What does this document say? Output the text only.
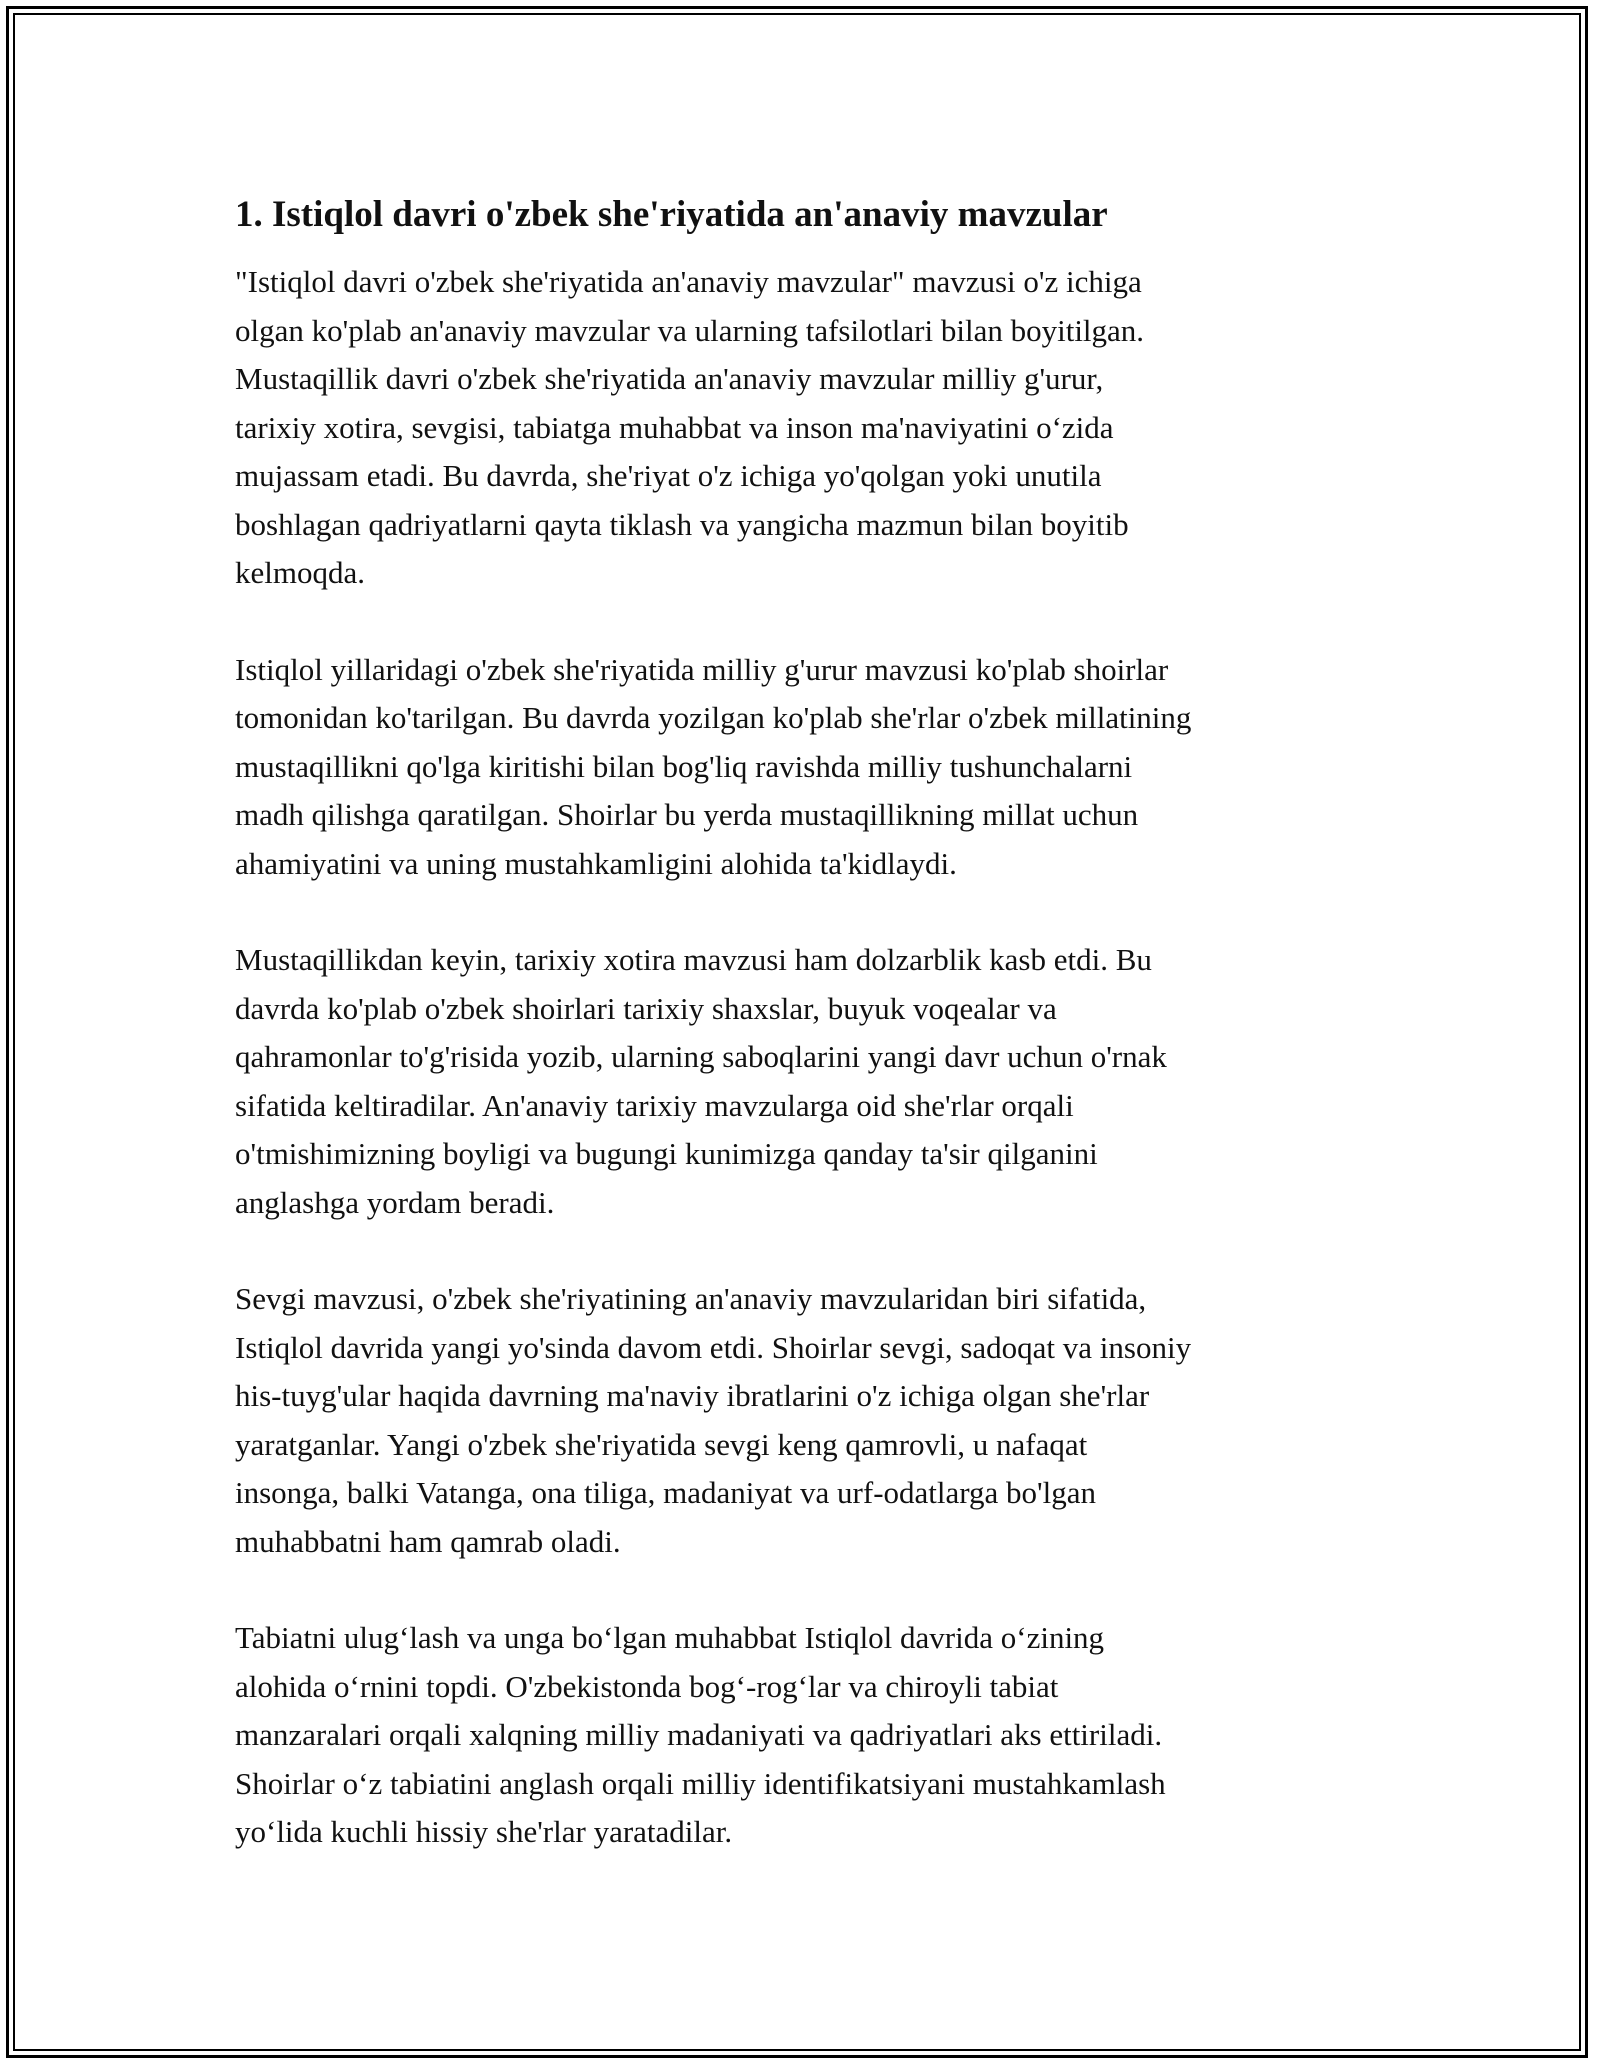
1. Istiqlol davri o'zbek she'riyatida an'anaviy mavzular

"Istiqlol davri o'zbek she'riyatida an'anaviy mavzular" mavzusi o'z ichiga
olgan ko'plab an'anaviy mavzular va ularning tafsilotlari bilan boyitilgan.
Mustaqillik davri o'zbek she'riyatida an'anaviy mavzular milliy g'urur,
tarixiy xotira, sevgisi, tabiatga muhabbat va inson ma'naviyatini o‘zida
mujassam etadi. Bu davrda, she'riyat o'z ichiga yo'qolgan yoki unutila
boshlagan qadriyatlarni qayta tiklash va yangicha mazmun bilan boyitib
kelmoqda.

Istiqlol yillaridagi o'zbek she'riyatida milliy g'urur mavzusi ko'plab shoirlar
tomonidan ko'tarilgan. Bu davrda yozilgan ko'plab she'rlar o'zbek millatining
mustaqillikni qo'lga kiritishi bilan bog'liq ravishda milliy tushunchalarni
madh qilishga qaratilgan. Shoirlar bu yerda mustaqillikning millat uchun
ahamiyatini va uning mustahkamligini alohida ta'kidlaydi.

Mustaqillikdan keyin, tarixiy xotira mavzusi ham dolzarblik kasb etdi. Bu
davrda ko'plab o'zbek shoirlari tarixiy shaxslar, buyuk voqealar va
qahramonlar to'g'risida yozib, ularning saboqlarini yangi davr uchun o'rnak
sifatida keltiradilar. An'anaviy tarixiy mavzularga oid she'rlar orqali
o'tmishimizning boyligi va bugungi kunimizga qanday ta'sir qilganini
anglashga yordam beradi.

Sevgi mavzusi, o'zbek she'riyatining an'anaviy mavzularidan biri sifatida,
Istiqlol davrida yangi yo'sinda davom etdi. Shoirlar sevgi, sadoqat va insoniy
his-tuyg'ular haqida davrning ma'naviy ibratlarini o'z ichiga olgan she'rlar
yaratganlar. Yangi o'zbek she'riyatida sevgi keng qamrovli, u nafaqat
insonga, balki Vatanga, ona tiliga, madaniyat va urf-odatlarga bo'lgan
muhabbatni ham qamrab oladi.

Tabiatni ulug‘lash va unga bo‘lgan muhabbat Istiqlol davrida o‘zining
alohida o‘rnini topdi. O'zbekistonda bog‘-rog‘lar va chiroyli tabiat
manzaralari orqali xalqning milliy madaniyati va qadriyatlari aks ettiriladi.
Shoirlar o‘z tabiatini anglash orqali milliy identifikatsiyani mustahkamlash
yo‘lida kuchli hissiy she'rlar yaratadilar.
